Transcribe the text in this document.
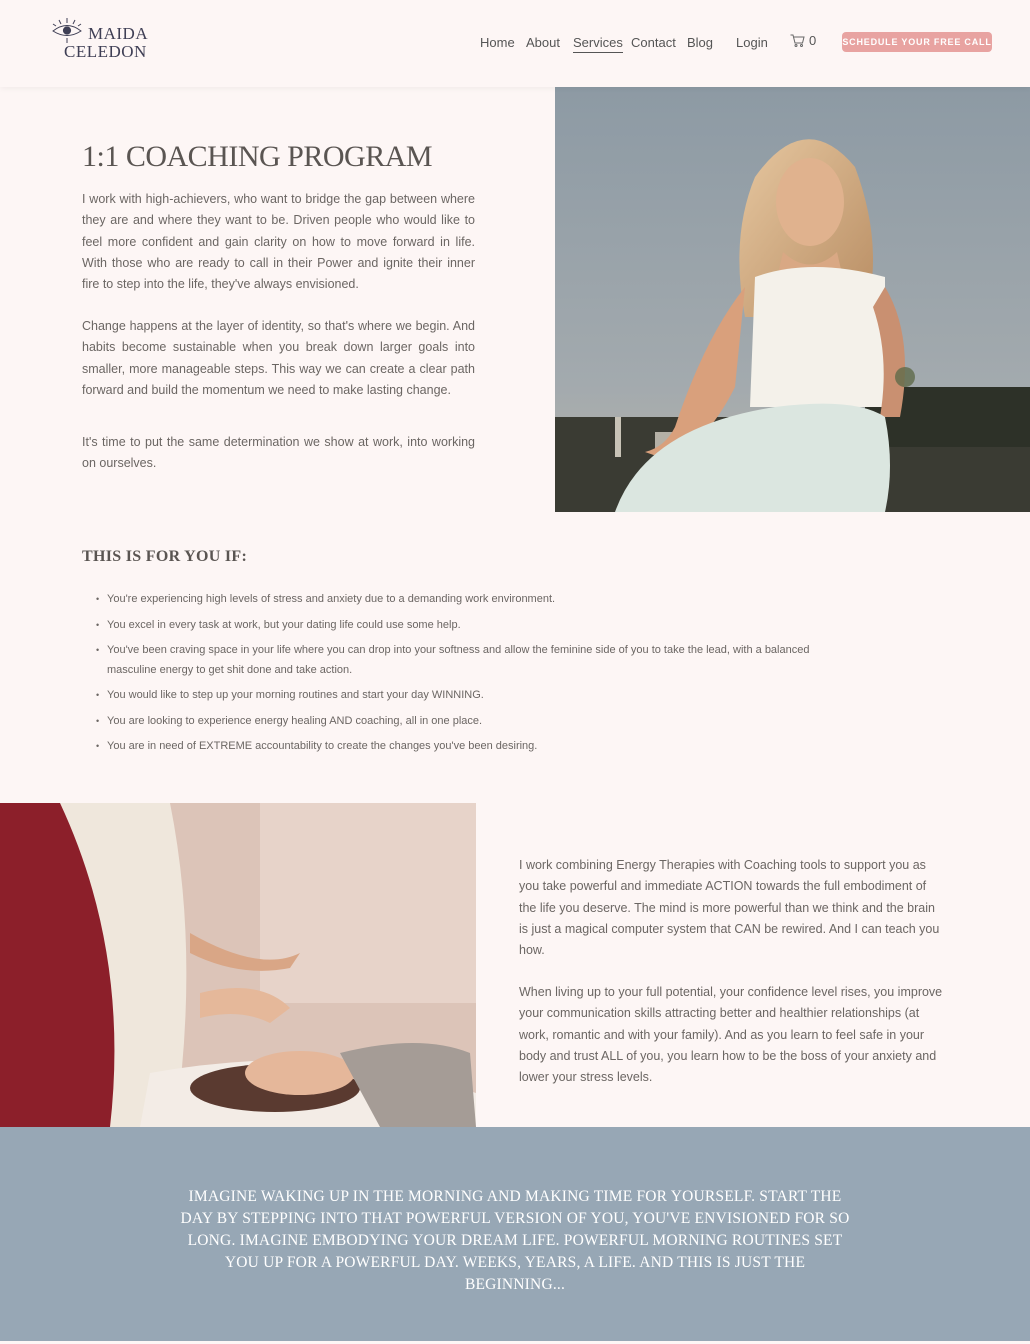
MAIDA
CELEDON	Home About Services Contact Blog Login	0	SCHEDULE YOUR FREE CALL
1:1 COACHING PROGRAM

I work with high-achievers, who want to bridge the gap between where they are and where they want to be. Driven people who would like to feel more confident and gain clarity on how to move forward in life. With those who are ready to call in their Power and ignite their inner fire to step into the life, they've always envisioned.

Change happens at the layer of identity, so that's where we begin. And habits become sustainable when you break down larger goals into smaller, more manageable steps. This way we can create a clear path forward and build the momentum we need to make lasting change.

It's time to put the same determination we show at work, into working on ourselves.

THIS IS FOR YOU IF:
• You're experiencing high levels of stress and anxiety due to a demanding work environment.
• You excel in every task at work, but your dating life could use some help.
• You've been craving space in your life where you can drop into your softness and allow the feminine side of you to take the lead, with a balanced masculine energy to get shit done and take action.
• You would like to step up your morning routines and start your day WINNING.
• You are looking to experience energy healing AND coaching, all in one place.
• You are in need of EXTREME accountability to create the changes you've been desiring.

I work combining Energy Therapies with Coaching tools to support you as you take powerful and immediate ACTION towards the full embodiment of the life you deserve. The mind is more powerful than we think and the brain is just a magical computer system that CAN be rewired. And I can teach you how.

When living up to your full potential, your confidence level rises, you improve your communication skills attracting better and healthier relationships (at work, romantic and with your family). And as you learn to feel safe in your body and trust ALL of you, you learn how to be the boss of your anxiety and lower your stress levels.

IMAGINE WAKING UP IN THE MORNING AND MAKING TIME FOR YOURSELF. START THE DAY BY STEPPING INTO THAT POWERFUL VERSION OF YOU, YOU'VE ENVISIONED FOR SO LONG. IMAGINE EMBODYING YOUR DREAM LIFE. POWERFUL MORNING ROUTINES SET YOU UP FOR A POWERFUL DAY. WEEKS, YEARS, A LIFE. AND THIS IS JUST THE BEGINNING...
